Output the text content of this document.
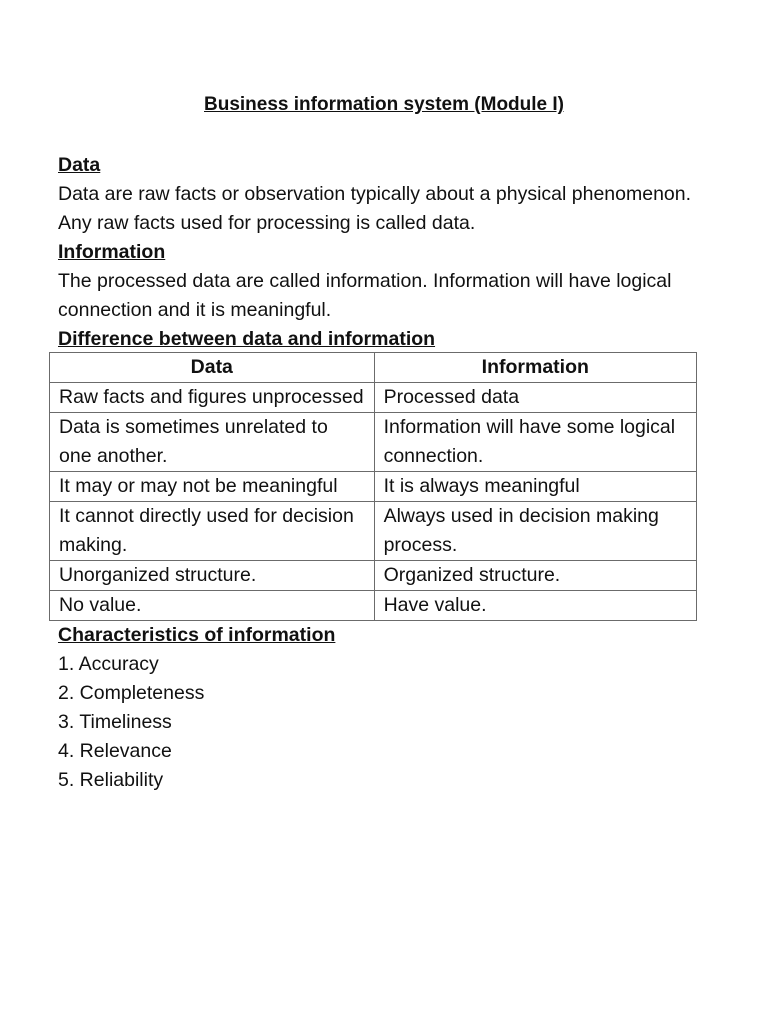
Business information system (Module I)
Data
Data are raw facts or observation typically about a physical phenomenon. Any raw facts used for processing is called data.
Information
The processed data are called information. Information will have logical connection and it is meaningful.
Difference between data and information
Data	Information
Raw facts and figures unprocessed	Processed data
Data is sometimes unrelated to one another.	Information will have some logical connection.
It may or may not be meaningful	It is always meaningful
It cannot directly used for decision making.	Always used in decision making process.
Unorganized structure.	Organized structure.
No value.	Have value.
Characteristics of information
1. Accuracy
2. Completeness
3. Timeliness
4. Relevance
5. Reliability
